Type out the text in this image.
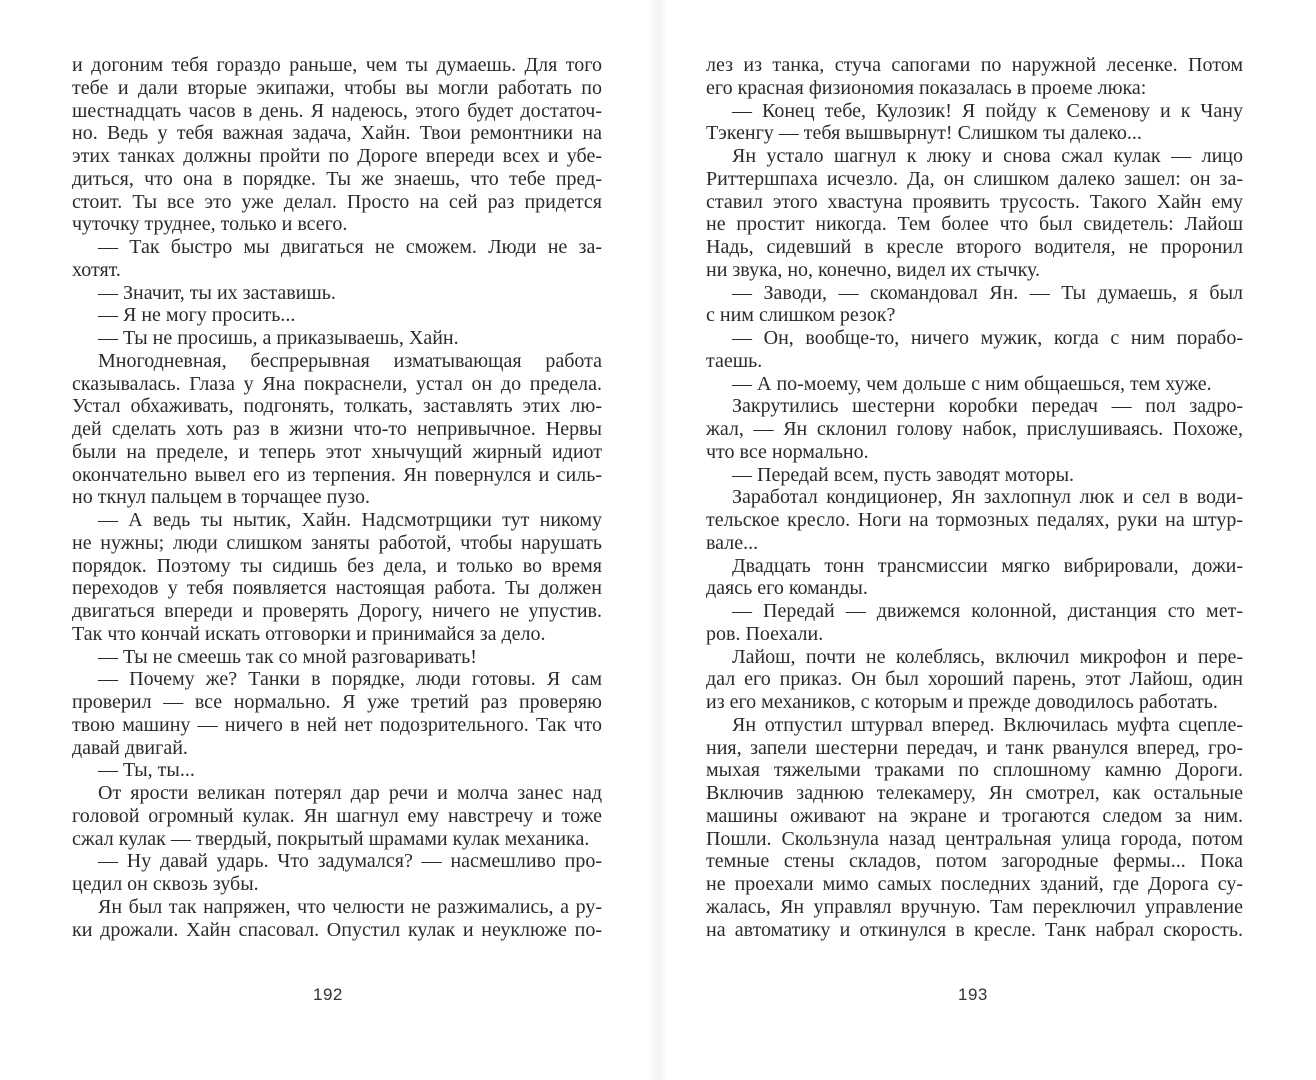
и догоним тебя гораздо раньше, чем ты думаешь. Для того
тебе и дали вторые экипажи, чтобы вы могли работать по
шестнадцать часов в день. Я надеюсь, этого будет достаточ-
но. Ведь у тебя важная задача, Хайн. Твои ремонтники на
этих танках должны пройти по Дороге впереди всех и убе-
диться, что она в порядке. Ты же знаешь, что тебе пред-
стоит. Ты все это уже делал. Просто на сей раз придется
чуточку труднее, только и всего.
— Так быстро мы двигаться не сможем. Люди не за-
хотят.
— Значит, ты их заставишь.
— Я не могу просить...
— Ты не просишь, а приказываешь, Хайн.
Многодневная, беспрерывная изматывающая работа
сказывалась. Глаза у Яна покраснели, устал он до предела.
Устал обхаживать, подгонять, толкать, заставлять этих лю-
дей сделать хоть раз в жизни что-то непривычное. Нервы
были на пределе, и теперь этот хнычущий жирный идиот
окончательно вывел его из терпения. Ян повернулся и силь-
но ткнул пальцем в торчащее пузо.
— А ведь ты нытик, Хайн. Надсмотрщики тут никому
не нужны; люди слишком заняты работой, чтобы нарушать
порядок. Поэтому ты сидишь без дела, и только во время
переходов у тебя появляется настоящая работа. Ты должен
двигаться впереди и проверять Дорогу, ничего не упустив.
Так что кончай искать отговорки и принимайся за дело.
— Ты не смеешь так со мной разговаривать!
— Почему же? Танки в порядке, люди готовы. Я сам
проверил — все нормально. Я уже третий раз проверяю
твою машину — ничего в ней нет подозрительного. Так что
давай двигай.
— Ты, ты...
От ярости великан потерял дар речи и молча занес над
головой огромный кулак. Ян шагнул ему навстречу и тоже
сжал кулак — твердый, покрытый шрамами кулак механика.
— Ну давай ударь. Что задумался? — насмешливо про-
цедил он сквозь зубы.
Ян был так напряжен, что челюсти не разжимались, а ру-
ки дрожали. Хайн спасовал. Опустил кулак и неуклюже по-
192
лез из танка, стуча сапогами по наружной лесенке. Потом
его красная физиономия показалась в проеме люка:
— Конец тебе, Кулозик! Я пойду к Семенову и к Чану
Тэкенгу — тебя вышвырнут! Слишком ты далеко...
Ян устало шагнул к люку и снова сжал кулак — лицо
Риттершпаха исчезло. Да, он слишком далеко зашел: он за-
ставил этого хвастуна проявить трусость. Такого Хайн ему
не простит никогда. Тем более что был свидетель: Лайош
Надь, сидевший в кресле второго водителя, не проронил
ни звука, но, конечно, видел их стычку.
— Заводи, — скомандовал Ян. — Ты думаешь, я был
с ним слишком резок?
— Он, вообще-то, ничего мужик, когда с ним порабо-
таешь.
— А по-моему, чем дольше с ним общаешься, тем хуже.
Закрутились шестерни коробки передач — пол задро-
жал, — Ян склонил голову набок, прислушиваясь. Похоже,
что все нормально.
— Передай всем, пусть заводят моторы.
Заработал кондиционер, Ян захлопнул люк и сел в води-
тельское кресло. Ноги на тормозных педалях, руки на штур-
вале...
Двадцать тонн трансмиссии мягко вибрировали, дожи-
даясь его команды.
— Передай — движемся колонной, дистанция сто мет-
ров. Поехали.
Лайош, почти не колеблясь, включил микрофон и пере-
дал его приказ. Он был хороший парень, этот Лайош, один
из его механиков, с которым и прежде доводилось работать.
Ян отпустил штурвал вперед. Включилась муфта сцепле-
ния, запели шестерни передач, и танк рванулся вперед, гро-
мыхая тяжелыми траками по сплошному камню Дороги.
Включив заднюю телекамеру, Ян смотрел, как остальные
машины оживают на экране и трогаются следом за ним.
Пошли. Скользнула назад центральная улица города, потом
темные стены складов, потом загородные фермы... Пока
не проехали мимо самых последних зданий, где Дорога су-
жалась, Ян управлял вручную. Там переключил управление
на автоматику и откинулся в кресле. Танк набрал скорость.
193
